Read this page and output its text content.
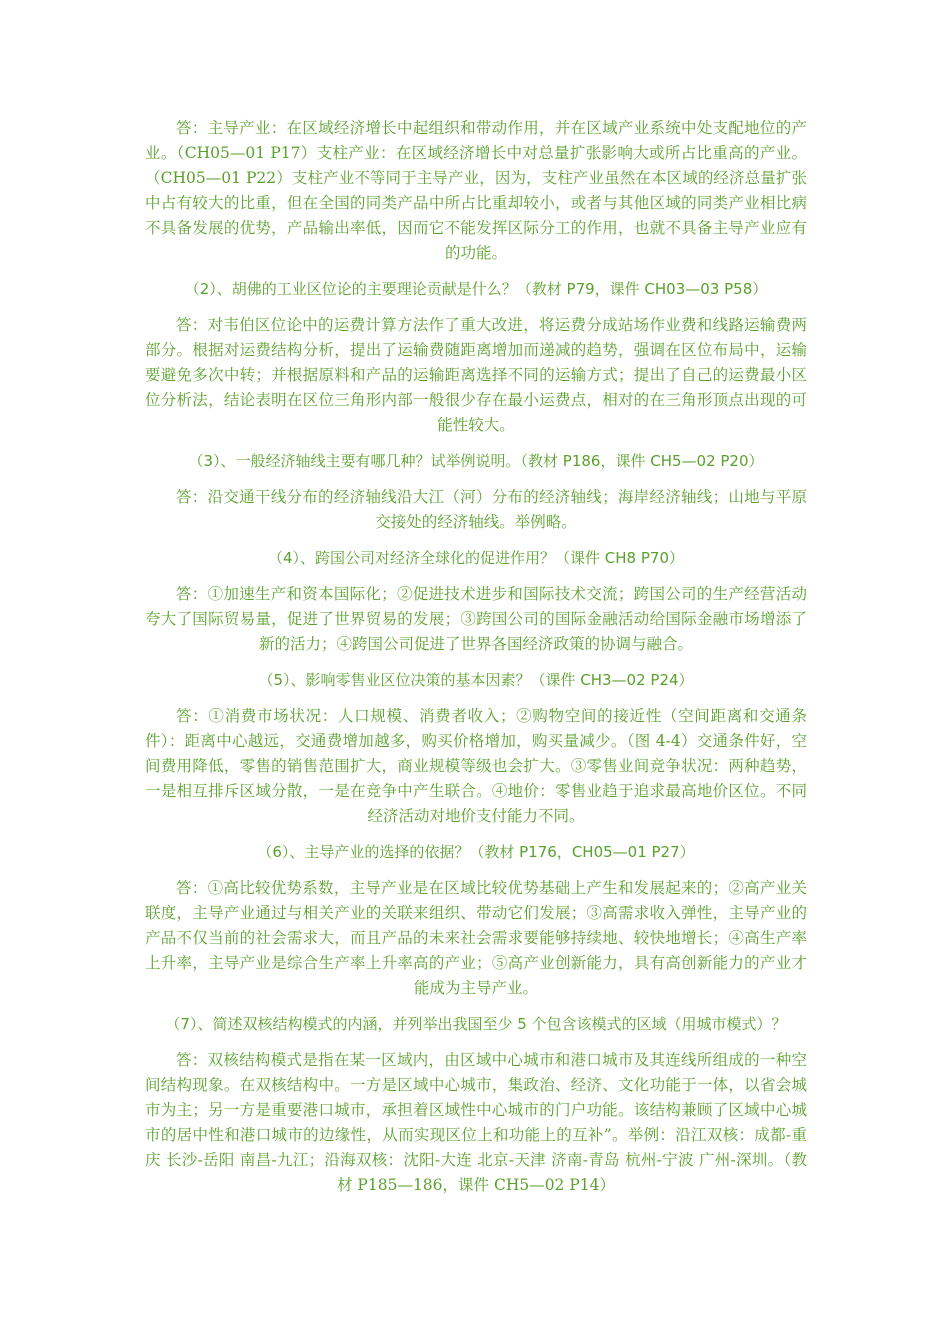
答：主导产业：在区域经济增长中起组织和带动作用，并在区域产业系统中处支配地位的产业。（CH05—01 P17）支柱产业：在区域经济增长中对总量扩张影响大或所占比重高的产业。（CH05—01 P22）支柱产业不等同于主导产业，因为，支柱产业虽然在本区域的经济总量扩张中占有较大的比重，但在全国的同类产品中所占比重却较小，或者与其他区域的同类产业相比病不具备发展的优势，产品输出率低，因而它不能发挥区际分工的作用，也就不具备主导产业应有的功能。

（2）、胡佛的工业区位论的主要理论贡献是什么？（教材 P79，课件 CH03—03 P58）

答：对韦伯区位论中的运费计算方法作了重大改进，将运费分成站场作业费和线路运输费两部分。根据对运费结构分析，提出了运输费随距离增加而递减的趋势，强调在区位布局中，运输要避免多次中转；并根据原料和产品的运输距离选择不同的运输方式；提出了自己的运费最小区位分析法，结论表明在区位三角形内部一般很少存在最小运费点，相对的在三角形顶点出现的可能性较大。

（3）、一般经济轴线主要有哪几种？试举例说明。（教材 P186，课件 CH5—02 P20）

答：沿交通干线分布的经济轴线沿大江（河）分布的经济轴线；海岸经济轴线；山地与平原交接处的经济轴线。举例略。

（4）、跨国公司对经济全球化的促进作用？（课件 CH8 P70）

答：①加速生产和资本国际化；②促进技术进步和国际技术交流；跨国公司的生产经营活动夸大了国际贸易量，促进了世界贸易的发展；③跨国公司的国际金融活动给国际金融市场增添了新的活力；④跨国公司促进了世界各国经济政策的协调与融合。

（5）、影响零售业区位决策的基本因素？（课件 CH3—02 P24）

答：①消费市场状况：人口规模、消费者收入；②购物空间的接近性（空间距离和交通条件）：距离中心越远，交通费增加越多，购买价格增加，购买量减少。（图 4-4）交通条件好，空间费用降低，零售的销售范围扩大，商业规模等级也会扩大。③零售业间竞争状况：两种趋势，一是相互排斥区域分散，一是在竞争中产生联合。④地价：零售业趋于追求最高地价区位。不同经济活动对地价支付能力不同。

（6）、主导产业的选择的依据？（教材 P176，CH05—01 P27）

答：①高比较优势系数，主导产业是在区域比较优势基础上产生和发展起来的；②高产业关联度，主导产业通过与相关产业的关联来组织、带动它们发展；③高需求收入弹性，主导产业的产品不仅当前的社会需求大，而且产品的未来社会需求要能够持续地、较快地增长；④高生产率上升率，主导产业是综合生产率上升率高的产业；⑤高产业创新能力，具有高创新能力的产业才能成为主导产业。

（7）、简述双核结构模式的内涵，并列举出我国至少 5 个包含该模式的区域（用城市模式）？

答：双核结构模式是指在某一区域内，由区域中心城市和港口城市及其连线所组成的一种空间结构现象。在双核结构中。一方是区域中心城市，集政治、经济、文化功能于一体，以省会城市为主；另一方是重要港口城市，承担着区域性中心城市的门户功能。该结构兼顾了区域中心城市的居中性和港口城市的边缘性，从而实现区位上和功能上的互补”。举例：沿江双核：成都-重庆 长沙-岳阳 南昌-九江；沿海双核：沈阳-大连 北京-天津 济南-青岛 杭州-宁波 广州-深圳。（教材 P185—186，课件 CH5—02 P14）
